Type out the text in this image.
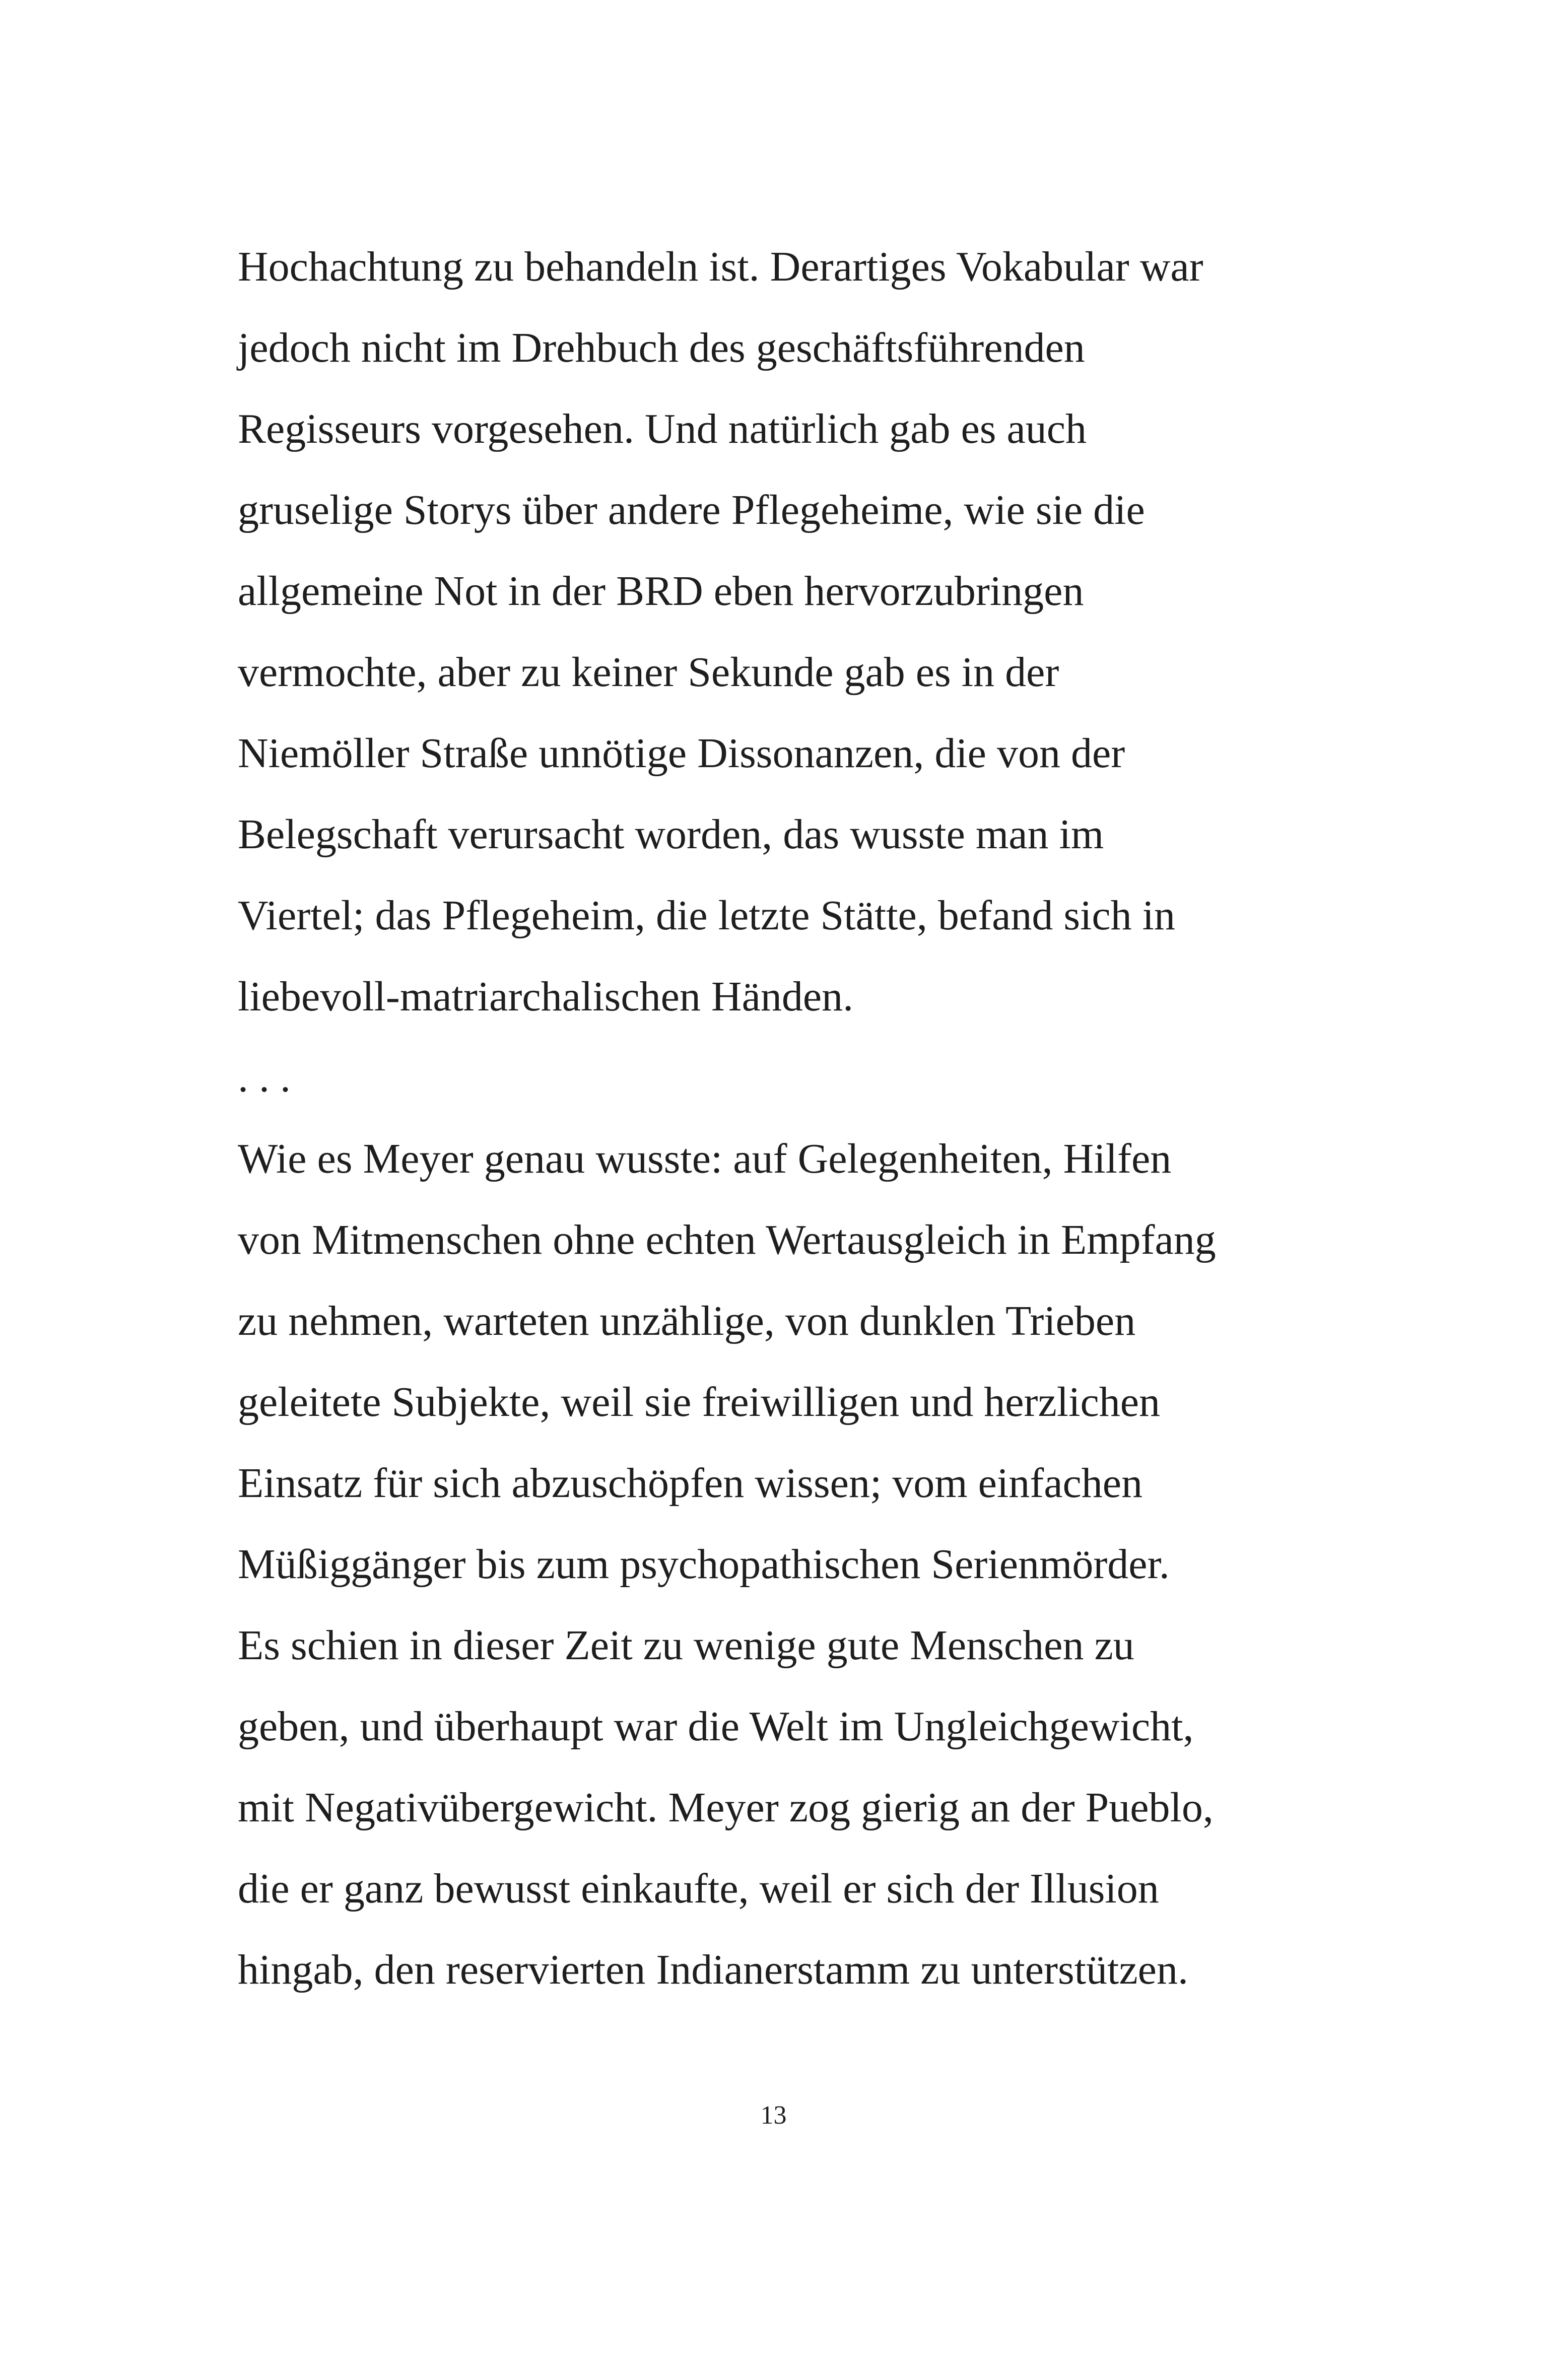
Hochachtung zu behandeln ist. Derartiges Vokabular war
jedoch nicht im Drehbuch des geschäftsführenden
Regisseurs vorgesehen. Und natürlich gab es auch
gruselige Storys über andere Pflegeheime, wie sie die
allgemeine Not in der BRD eben hervorzubringen
vermochte, aber zu keiner Sekunde gab es in der
Niemöller Straße unnötige Dissonanzen, die von der
Belegschaft verursacht worden, das wusste man im
Viertel; das Pflegeheim, die letzte Stätte, befand sich in
liebevoll-matriarchalischen Händen.
. . .
Wie es Meyer genau wusste: auf Gelegenheiten, Hilfen
von Mitmenschen ohne echten Wertausgleich in Empfang
zu nehmen, warteten unzählige, von dunklen Trieben
geleitete Subjekte, weil sie freiwilligen und herzlichen
Einsatz für sich abzuschöpfen wissen; vom einfachen
Müßiggänger bis zum psychopathischen Serienmörder.
Es schien in dieser Zeit zu wenige gute Menschen zu
geben, und überhaupt war die Welt im Ungleichgewicht,
mit Negativübergewicht. Meyer zog gierig an der Pueblo,
die er ganz bewusst einkaufte, weil er sich der Illusion
hingab, den reservierten Indianerstamm zu unterstützen.
13
